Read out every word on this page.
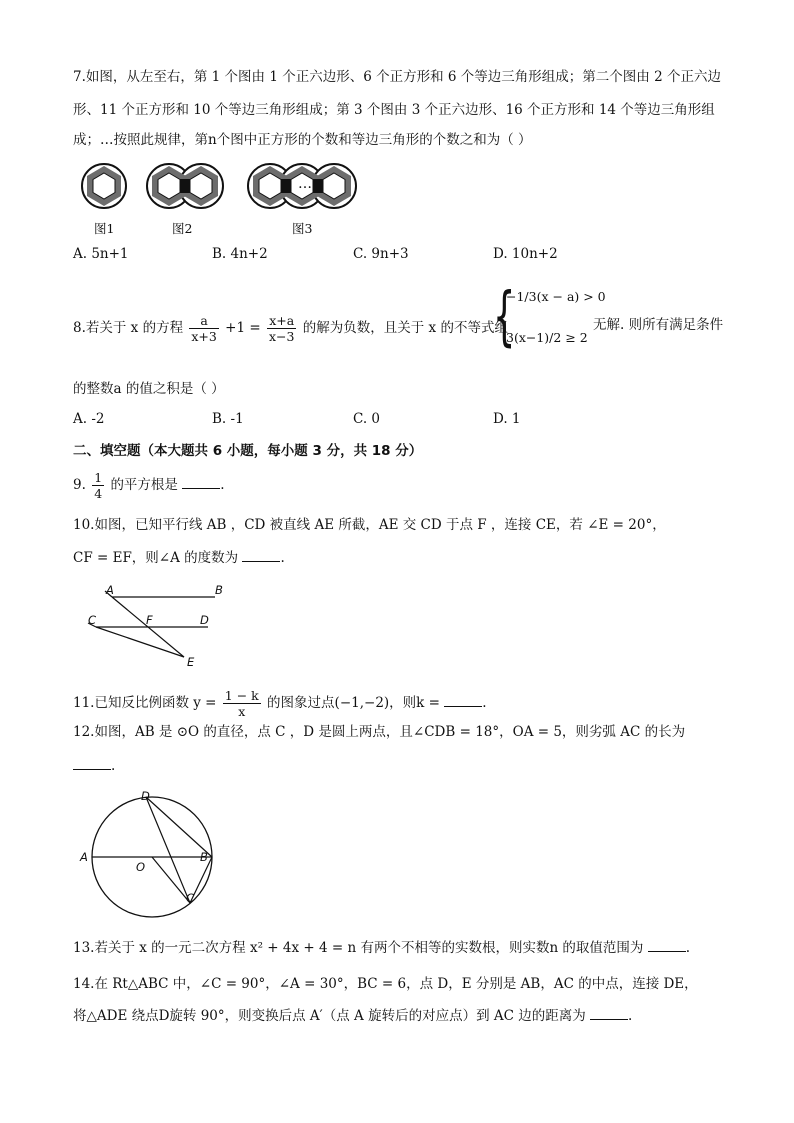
7.如图，从左至右，第 1 个图由 1 个正六边形、6 个正方形和 6 个等边三角形组成；第二个图由 2 个正六边
形、11 个正方形和 10 个等边三角形组成；第 3 个图由 3 个正六边形、16 个正方形和 14 个等边三角形组
成；…按照此规律，第n个图中正方形的个数和等边三角形的个数之和为（ ）
…
图1	图2	图3
A. 5n+1	B. 4n+2	C. 9n+3	D. 10n+2
8.若关于 x 的方程 $\frac{a}{x+3} +1 = \frac{x+a}{x-3}$ 的解为负数，且关于 x 的不等式组
{
−1/3(x − a) > 0
3(x−1)/2 ≥ 2
无解. 则所有满足条件
的整数a 的值之积是（ ）
A. -2	B. -1	C. 0	D. 1
二、填空题（本大题共 6 小题，每小题 3 分，共 18 分）
9. $\frac{1}{4}$ 的平方根是	.
10.如图，已知平行线 AB ，CD 被直线 AE 所截，AE 交 CD 于点 F ，连接 CE，若 ∠E = 20°，
CF = EF，则∠A 的度数为	.
A	B
C	F	D
E
11.已知反比例函数 $y = \frac{1 - k}{x}$ 的图象过点(−1,−2)，则k =	.
12.如图，AB 是 ⊙O 的直径，点 C ，D 是圆上两点，且∠CDB = 18°，OA = 5，则劣弧 AC 的长为
.
D
A	B
O
C
13.若关于 x 的一元二次方程 x² + 4x + 4 = n 有两个不相等的实数根，则实数n 的取值范围为	.
14.在 Rt△ABC 中，∠C = 90°，∠A = 30°，BC = 6，点 D，E 分别是 AB，AC 的中点，连接 DE，
将△ADE 绕点D旋转 90°，则变换后点 A′（点 A 旋转后的对应点）到 AC 边的距离为	.
